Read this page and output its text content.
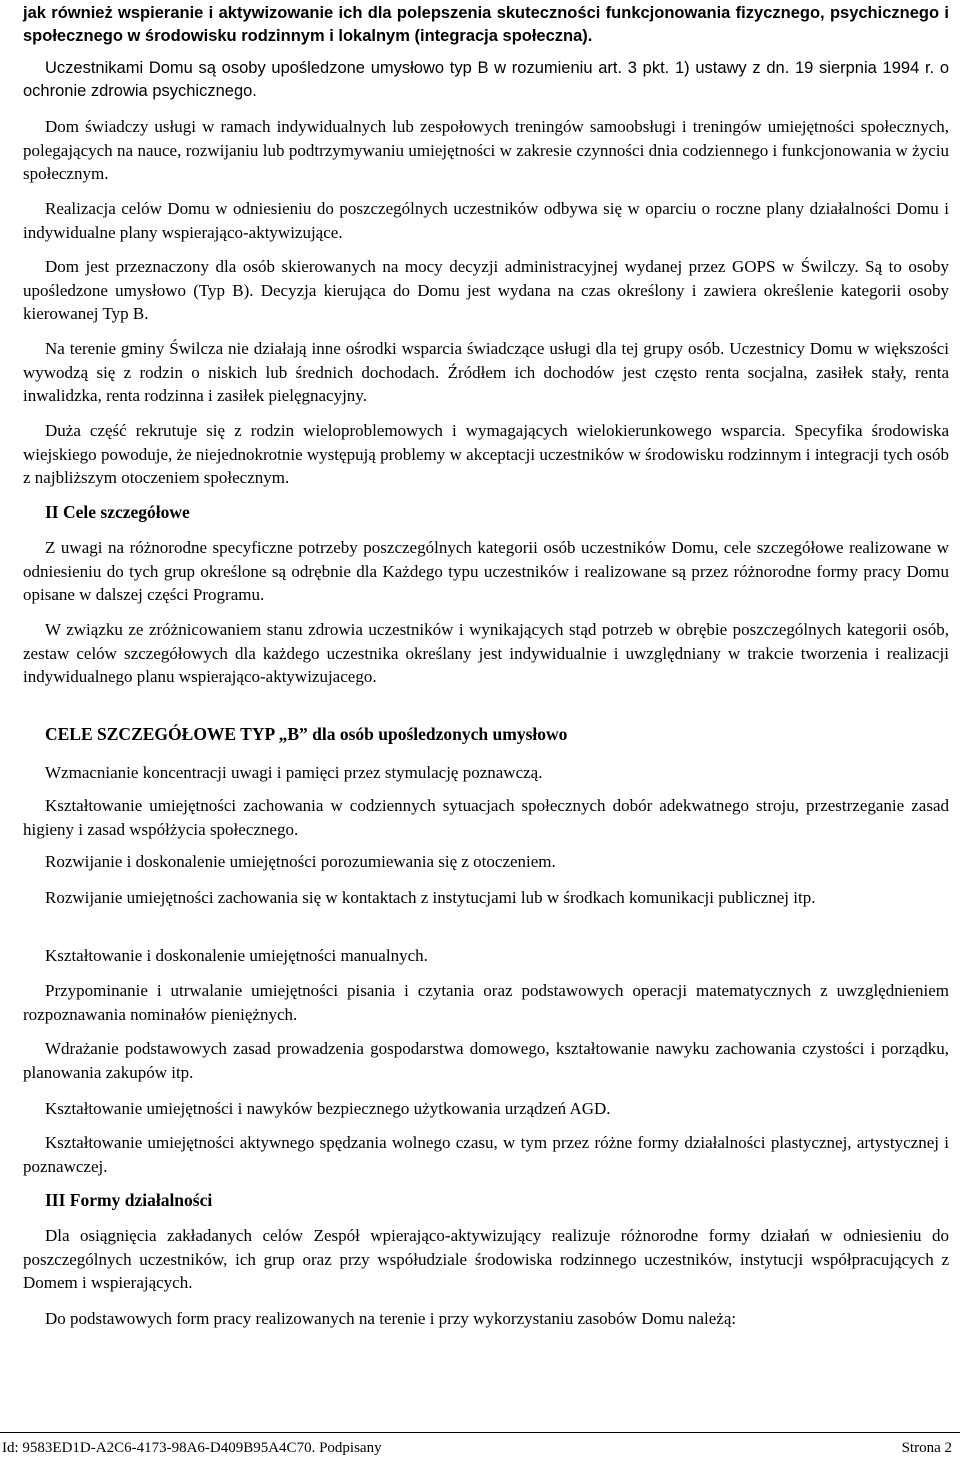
jak również wspieranie i aktywizowanie ich dla polepszenia skuteczności funkcjonowania fizycznego, psychicznego i społecznego w środowisku rodzinnym i lokalnym (integracja społeczna).

Uczestnikami Domu są osoby upośledzone umysłowo typ B w rozumieniu art. 3 pkt. 1) ustawy z dn. 19 sierpnia 1994 r. o ochronie zdrowia psychicznego.

Dom świadczy usługi w ramach indywidualnych lub zespołowych treningów samoobsługi i treningów umiejętności społecznych, polegających na nauce, rozwijaniu lub podtrzymywaniu umiejętności w zakresie czynności dnia codziennego i funkcjonowania w życiu społecznym.

Realizacja celów Domu w odniesieniu do poszczególnych uczestników odbywa się w oparciu o roczne plany działalności Domu i indywidualne plany wspierająco-aktywizujące.

Dom jest przeznaczony dla osób skierowanych na mocy decyzji administracyjnej wydanej przez GOPS w Świlczy. Są to osoby upośledzone umysłowo (Typ B). Decyzja kierująca do Domu jest wydana na czas określony i zawiera określenie kategorii osoby kierowanej Typ B.

Na terenie gminy Świlcza nie działają inne ośrodki wsparcia świadczące usługi dla tej grupy osób. Uczestnicy Domu w większości wywodzą się z rodzin o niskich lub średnich dochodach. Źródłem ich dochodów jest często renta socjalna, zasiłek stały, renta inwalidzka, renta rodzinna i zasiłek pielęgnacyjny.

Duża część rekrutuje się z rodzin wieloproblemowych i wymagających wielokierunkowego wsparcia. Specyfika środowiska wiejskiego powoduje, że niejednokrotnie występują problemy w akceptacji uczestników w środowisku rodzinnym i integracji tych osób z najbliższym otoczeniem społecznym.

II Cele szczegółowe

Z uwagi na różnorodne specyficzne potrzeby poszczególnych kategorii osób uczestników Domu, cele szczegółowe realizowane w odniesieniu do tych grup określone są odrębnie dla Każdego typu uczestników i realizowane są przez różnorodne formy pracy Domu opisane w dalszej części Programu.

W związku ze zróżnicowaniem stanu zdrowia uczestników i wynikających stąd potrzeb w obrębie poszczególnych kategorii osób, zestaw celów szczegółowych dla każdego uczestnika określany jest indywidualnie i uwzględniany w trakcie tworzenia i realizacji indywidualnego planu wspierająco-aktywizujacego.

CELE SZCZEGÓŁOWE TYP „B” dla osób upośledzonych umysłowo

Wzmacnianie koncentracji uwagi i pamięci przez stymulację poznawczą.

Kształtowanie umiejętności zachowania w codziennych sytuacjach społecznych dobór adekwatnego stroju, przestrzeganie zasad higieny i zasad współżycia społecznego.

Rozwijanie i doskonalenie umiejętności porozumiewania się z otoczeniem.

Rozwijanie umiejętności zachowania się w kontaktach z instytucjami lub w środkach komunikacji publicznej itp.

Kształtowanie i doskonalenie umiejętności manualnych.

Przypominanie i utrwalanie umiejętności pisania i czytania oraz podstawowych operacji matematycznych z uwzględnieniem rozpoznawania nominałów pieniężnych.

Wdrażanie podstawowych zasad prowadzenia gospodarstwa domowego, kształtowanie nawyku zachowania czystości i porządku, planowania zakupów itp.

Kształtowanie umiejętności i nawyków bezpiecznego użytkowania urządzeń AGD.

Kształtowanie umiejętności aktywnego spędzania wolnego czasu, w tym przez różne formy działalności plastycznej, artystycznej i poznawczej.

III Formy działalności

Dla osiągnięcia zakładanych celów Zespół wpierająco-aktywizujący realizuje różnorodne formy działań w odniesieniu do poszczególnych uczestników, ich grup oraz przy współudziale środowiska rodzinnego uczestników, instytucji współpracujących z Domem i wspierających.

Do podstawowych form pracy realizowanych na terenie i przy wykorzystaniu zasobów Domu należą:

Id: 9583ED1D-A2C6-4173-98A6-D409B95A4C70. Podpisany	Strona 2
